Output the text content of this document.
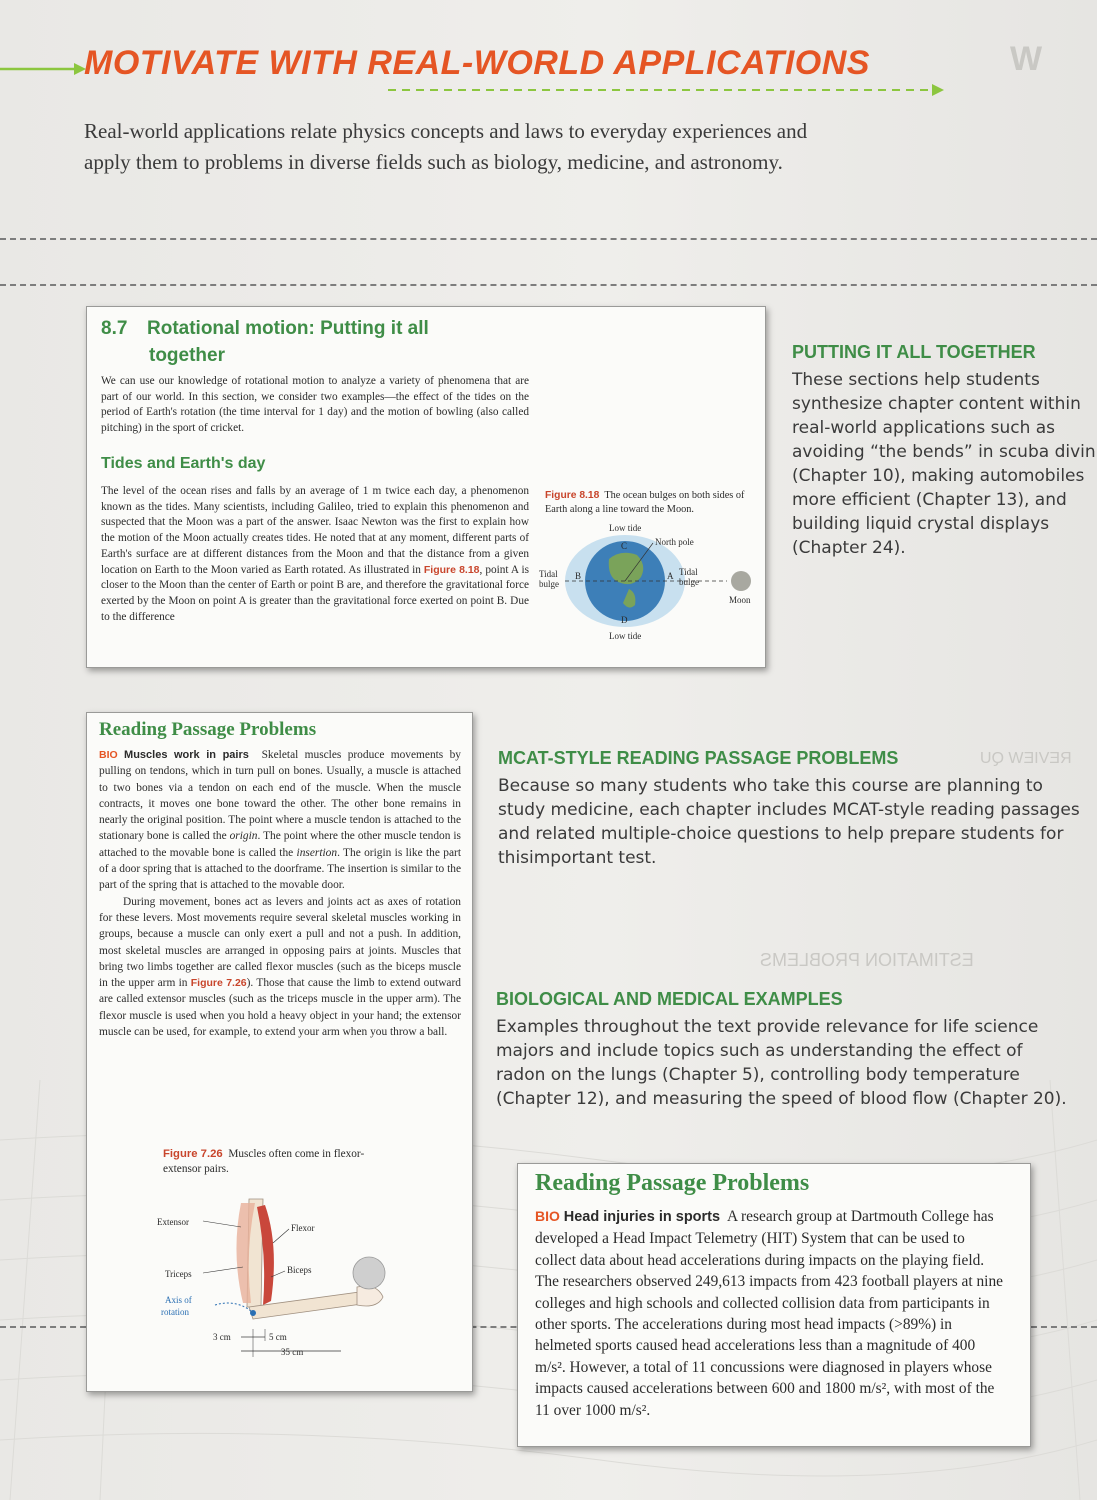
W
ESTIMATION PROBLEMS
REVIEW QU
MOTIVATE WITH REAL-WORLD APPLICATIONS
Real-world applications relate physics concepts and laws to everyday experiences and
apply them to problems in diverse fields such as biology, medicine, and astronomy.
8.7 Rotational motion: Putting it all
together

We can use our knowledge of rotational motion to analyze a variety of phenomena that are part of our world. In this section, we consider two examples—the effect of the tides on the period of Earth's rotation (the time interval for 1 day) and the motion of bowling (also called pitching) in the sport of cricket.

Tides and Earth's day

The level of the ocean rises and falls by an average of 1 m twice each day, a phenomenon known as the tides. Many scientists, including Galileo, tried to explain this phenomenon and suspected that the Moon was a part of the answer. Isaac Newton was the first to explain how the motion of the Moon actually creates tides. He noted that at any moment, different parts of Earth's surface are at different distances from the Moon and that the distance from a given location on Earth to the Moon varied as Earth rotated. As illustrated in Figure 8.18, point A is closer to the Moon than the center of Earth or point B are, and therefore the gravitational force exerted by the Moon on point A is greater than the gravitational force exerted on point B. Due to the difference

Figure 8.18 The ocean bulges on both sides of Earth along a line toward the Moon.
Low tide
North pole
C
Tidal
bulge
B	A Tidal
bulge
Moon
D
Low tide
PUTTING IT ALL TOGETHER
These sections help students
synthesize chapter content within
real-world applications such as
avoiding “the bends” in scuba divin
(Chapter 10), making automobiles
more efficient (Chapter 13), and
building liquid crystal displays
(Chapter 24).
Reading Passage Problems

BIO Muscles work in pairs Skeletal muscles produce movements by pulling on tendons, which in turn pull on bones. Usually, a muscle is attached to two bones via a tendon on each end of the muscle. When the muscle contracts, it moves one bone toward the other. The other bone remains in nearly the original position. The point where a muscle tendon is attached to the stationary bone is called the origin. The point where the other muscle tendon is attached to the movable bone is called the insertion. The origin is like the part of a door spring that is attached to the doorframe. The insertion is similar to the part of the spring that is attached to the movable door.

During movement, bones act as levers and joints act as axes of rotation for these levers. Most movements require several skeletal muscles working in groups, because a muscle can only exert a pull and not a push. In addition, most skeletal muscles are arranged in opposing pairs at joints. Muscles that bring two limbs together are called flexor muscles (such as the biceps muscle in the upper arm in Figure 7.26). Those that cause the limb to extend outward are called extensor muscles (such as the triceps muscle in the upper arm). The flexor muscle is used when you hold a heavy object in your hand; the extensor muscle can be used, for example, to extend your arm when you throw a ball.

Figure 7.26 Muscles often come in flexor-extensor pairs.
Extensor
Flexor
Triceps	Biceps
Axis of
rotation
3 cm	5 cm
35 cm
MCAT-STYLE READING PASSAGE PROBLEMS
Because so many students who take this course are planning to
study medicine, each chapter includes MCAT-style reading passages
and related multiple-choice questions to help prepare students for
thisimportant test.
BIOLOGICAL AND MEDICAL EXAMPLES
Examples throughout the text provide relevance for life science
majors and include topics such as understanding the effect of
radon on the lungs (Chapter 5), controlling body temperature
(Chapter 12), and measuring the speed of blood flow (Chapter 20).
Reading Passage Problems

BIO Head injuries in sports A research group at Dartmouth College has developed a Head Impact Telemetry (HIT) System that can be used to collect data about head accelerations during impacts on the playing field. The researchers observed 249,613 impacts from 423 football players at nine colleges and high schools and collected collision data from participants in other sports. The accelerations during most head impacts (>89%) in helmeted sports caused head accelerations less than a magnitude of 400 m/s². However, a total of 11 concussions were diagnosed in players whose impacts caused accelerations between 600 and 1800 m/s², with most of the 11 over 1000 m/s².
